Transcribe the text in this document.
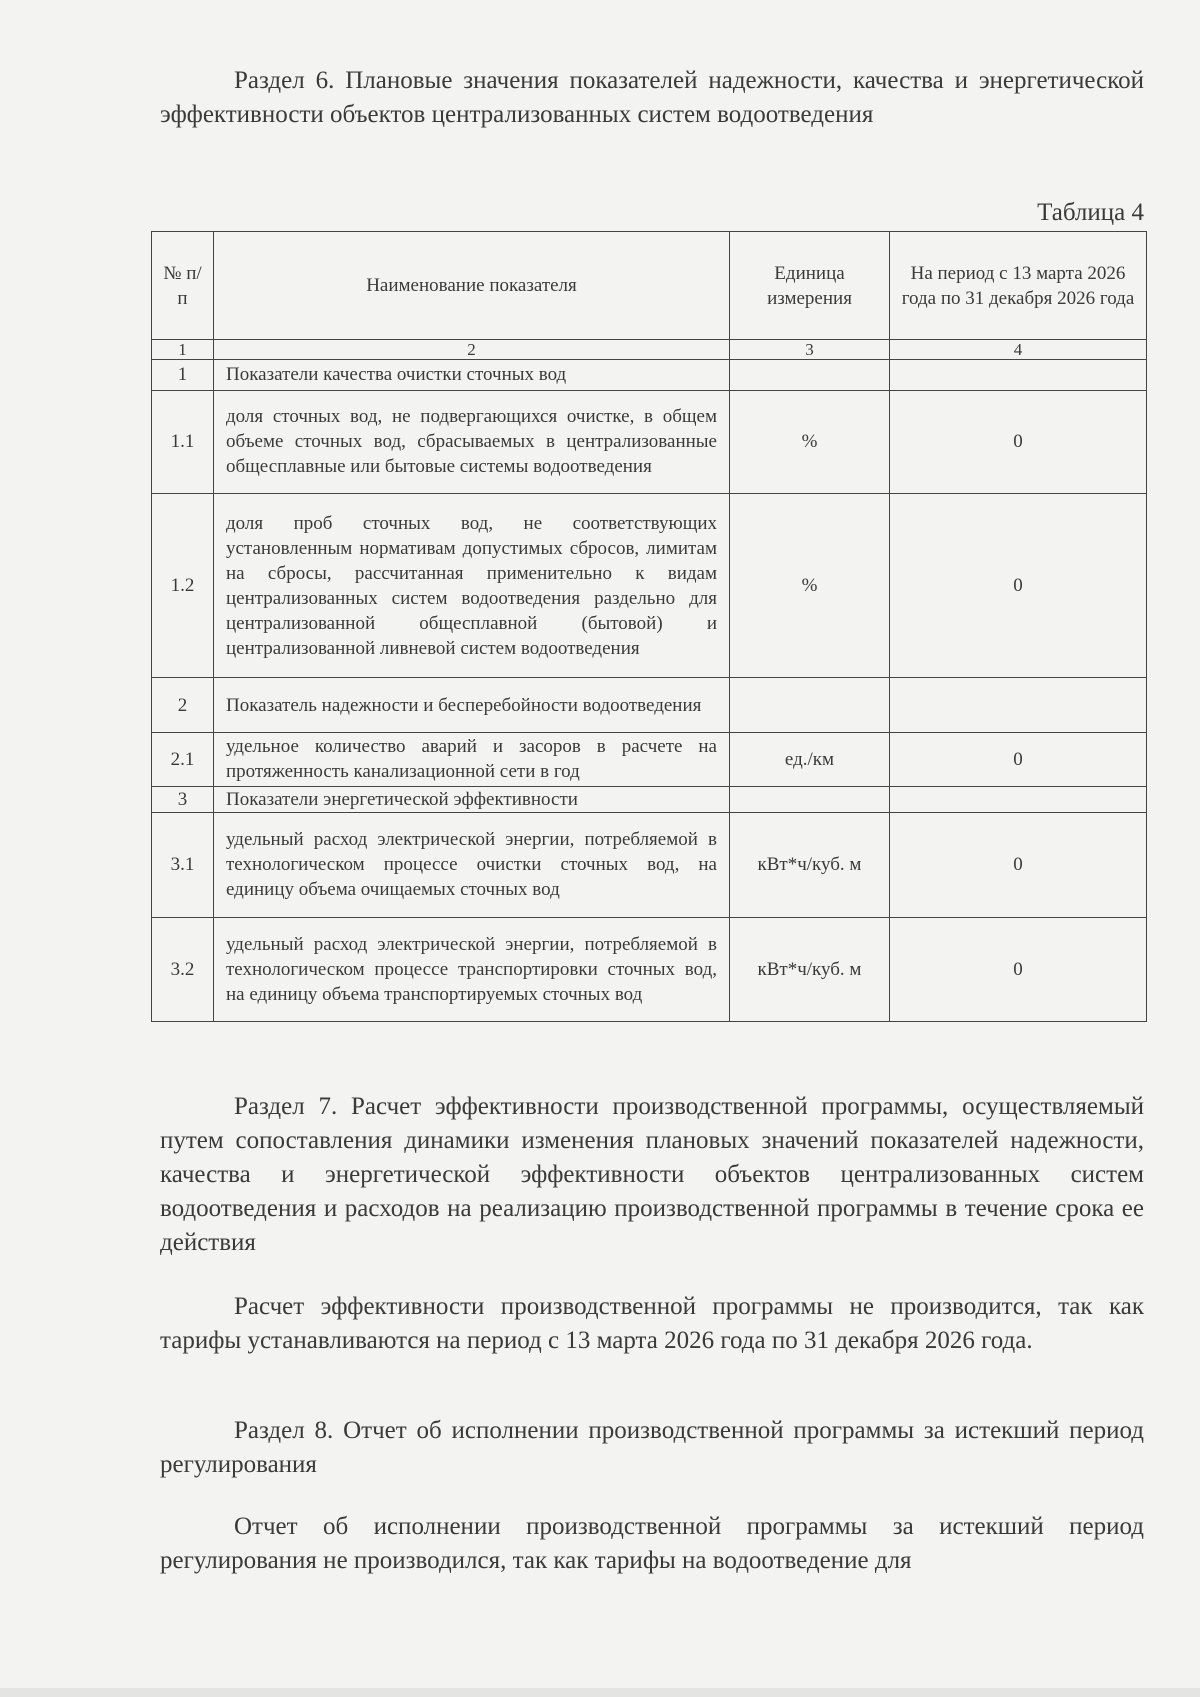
Раздел 6. Плановые значения показателей надежности, качества и энергетической эффективности объектов централизованных систем водоотведения

Таблица 4
№ п/п	Наименование показателя	Единица измерения	На период с 13 марта 2026 года по 31 декабря 2026 года
1	2	3	4
1	Показатели качества очистки сточных вод		
1.1	доля сточных вод, не подвергающихся очистке, в общем объеме сточных вод, сбрасываемых в централизованные общесплавные или бытовые системы водоотведения	%	0
1.2	доля проб сточных вод, не соответствующих установленным нормативам допустимых сбросов, лимитам на сбросы, рассчитанная применительно к видам централизованных систем водоотведения раздельно для централизованной общесплавной (бытовой) и централизованной ливневой систем водоотведения	%	0
2	Показатель надежности и бесперебойности водоотведения		
2.1	удельное количество аварий и засоров в расчете на протяженность канализационной сети в год	ед./км	0
3	Показатели энергетической эффективности		
3.1	удельный расход электрической энергии, потребляемой в технологическом процессе очистки сточных вод, на единицу объема очищаемых сточных вод	кВт*ч/куб. м	0
3.2	удельный расход электрической энергии, потребляемой в технологическом процессе транспортировки сточных вод, на единицу объема транспортируемых сточных вод	кВт*ч/куб. м	0

Раздел 7. Расчет эффективности производственной программы, осуществляемый путем сопоставления динамики изменения плановых значений показателей надежности, качества и энергетической эффективности объектов централизованных систем водоотведения и расходов на реализацию производственной программы в течение срока ее действия

Расчет эффективности производственной программы не производится, так как тарифы устанавливаются на период с 13 марта 2026 года по 31 декабря 2026 года.

Раздел 8. Отчет об исполнении производственной программы за истекший период регулирования

Отчет об исполнении производственной программы за истекший период регулирования не производился, так как тарифы на водоотведение для
